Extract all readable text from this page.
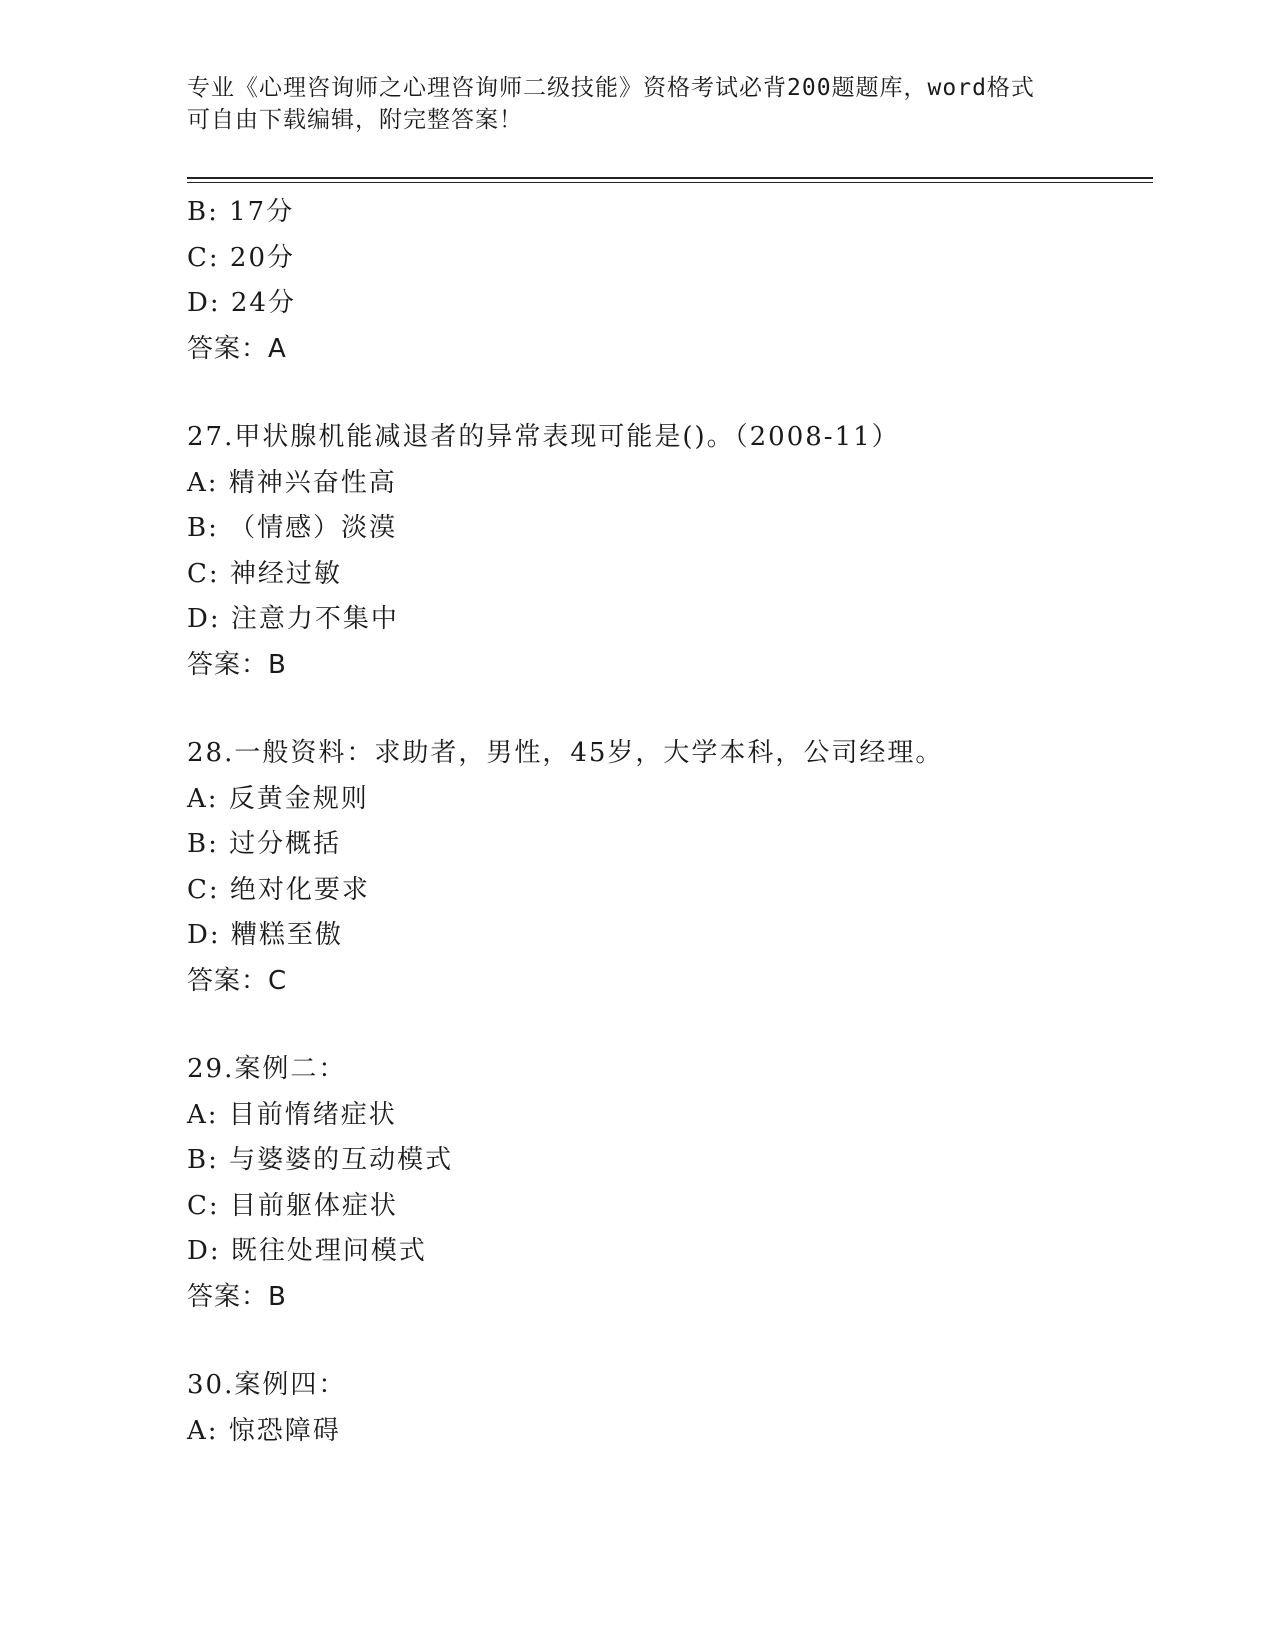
专业《心理咨询师之心理咨询师二级技能》资格考试必背200题题库，word格式
可自由下载编辑，附完整答案！
B: 17分
C: 20分
D: 24分
答案：A
27.甲状腺机能减退者的异常表现可能是()。（2008-11）
A: 精神兴奋性高
B: （情感）淡漠
C: 神经过敏
D: 注意力不集中
答案：B
28.一般资料：求助者，男性，45岁，大学本科，公司经理。
A: 反黄金规则
B: 过分概括
C: 绝对化要求
D: 糟糕至傲
答案：C
29.案例二：
A: 目前惰绪症状
B: 与婆婆的互动模式
C: 目前躯体症状
D: 既往处理问模式
答案：B
30.案例四：
A: 惊恐障碍
